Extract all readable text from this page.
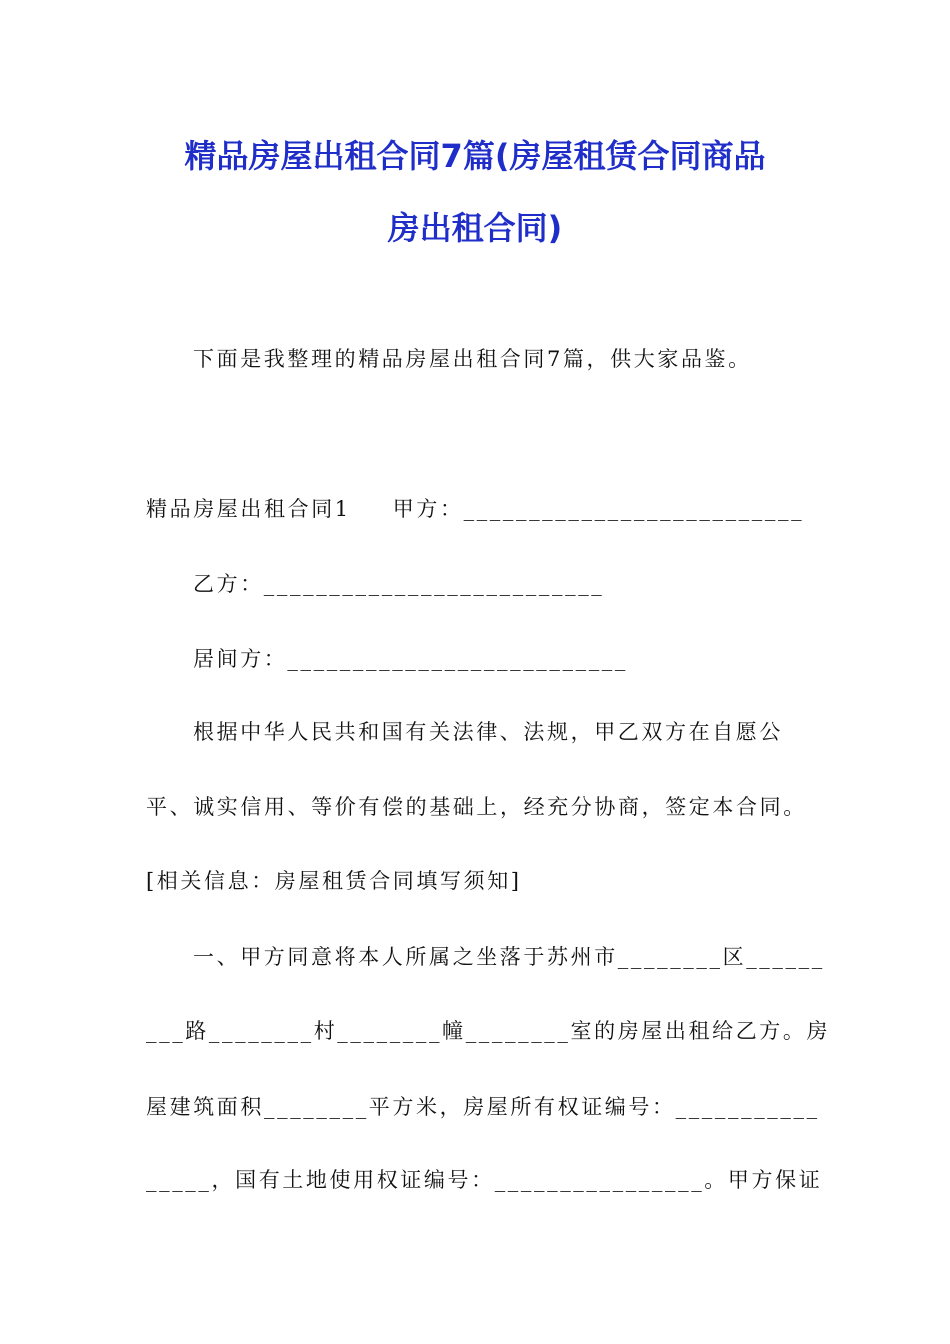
精品房屋出租合同7篇(房屋租赁合同商品
房出租合同)
下面是我整理的精品房屋出租合同7篇，供大家品鉴。
精品房屋出租合同1 甲方：__________________________
乙方：__________________________
居间方：__________________________
根据中华人民共和国有关法律、法规，甲乙双方在自愿公
平、诚实信用、等价有偿的基础上，经充分协商，签定本合同。
[相关信息：房屋租赁合同填写须知]
一、甲方同意将本人所属之坐落于苏州市________区______
___路________村________幢________室的房屋出租给乙方。房
屋建筑面积________平方米，房屋所有权证编号：___________
_____，国有土地使用权证编号：________________。甲方保证
